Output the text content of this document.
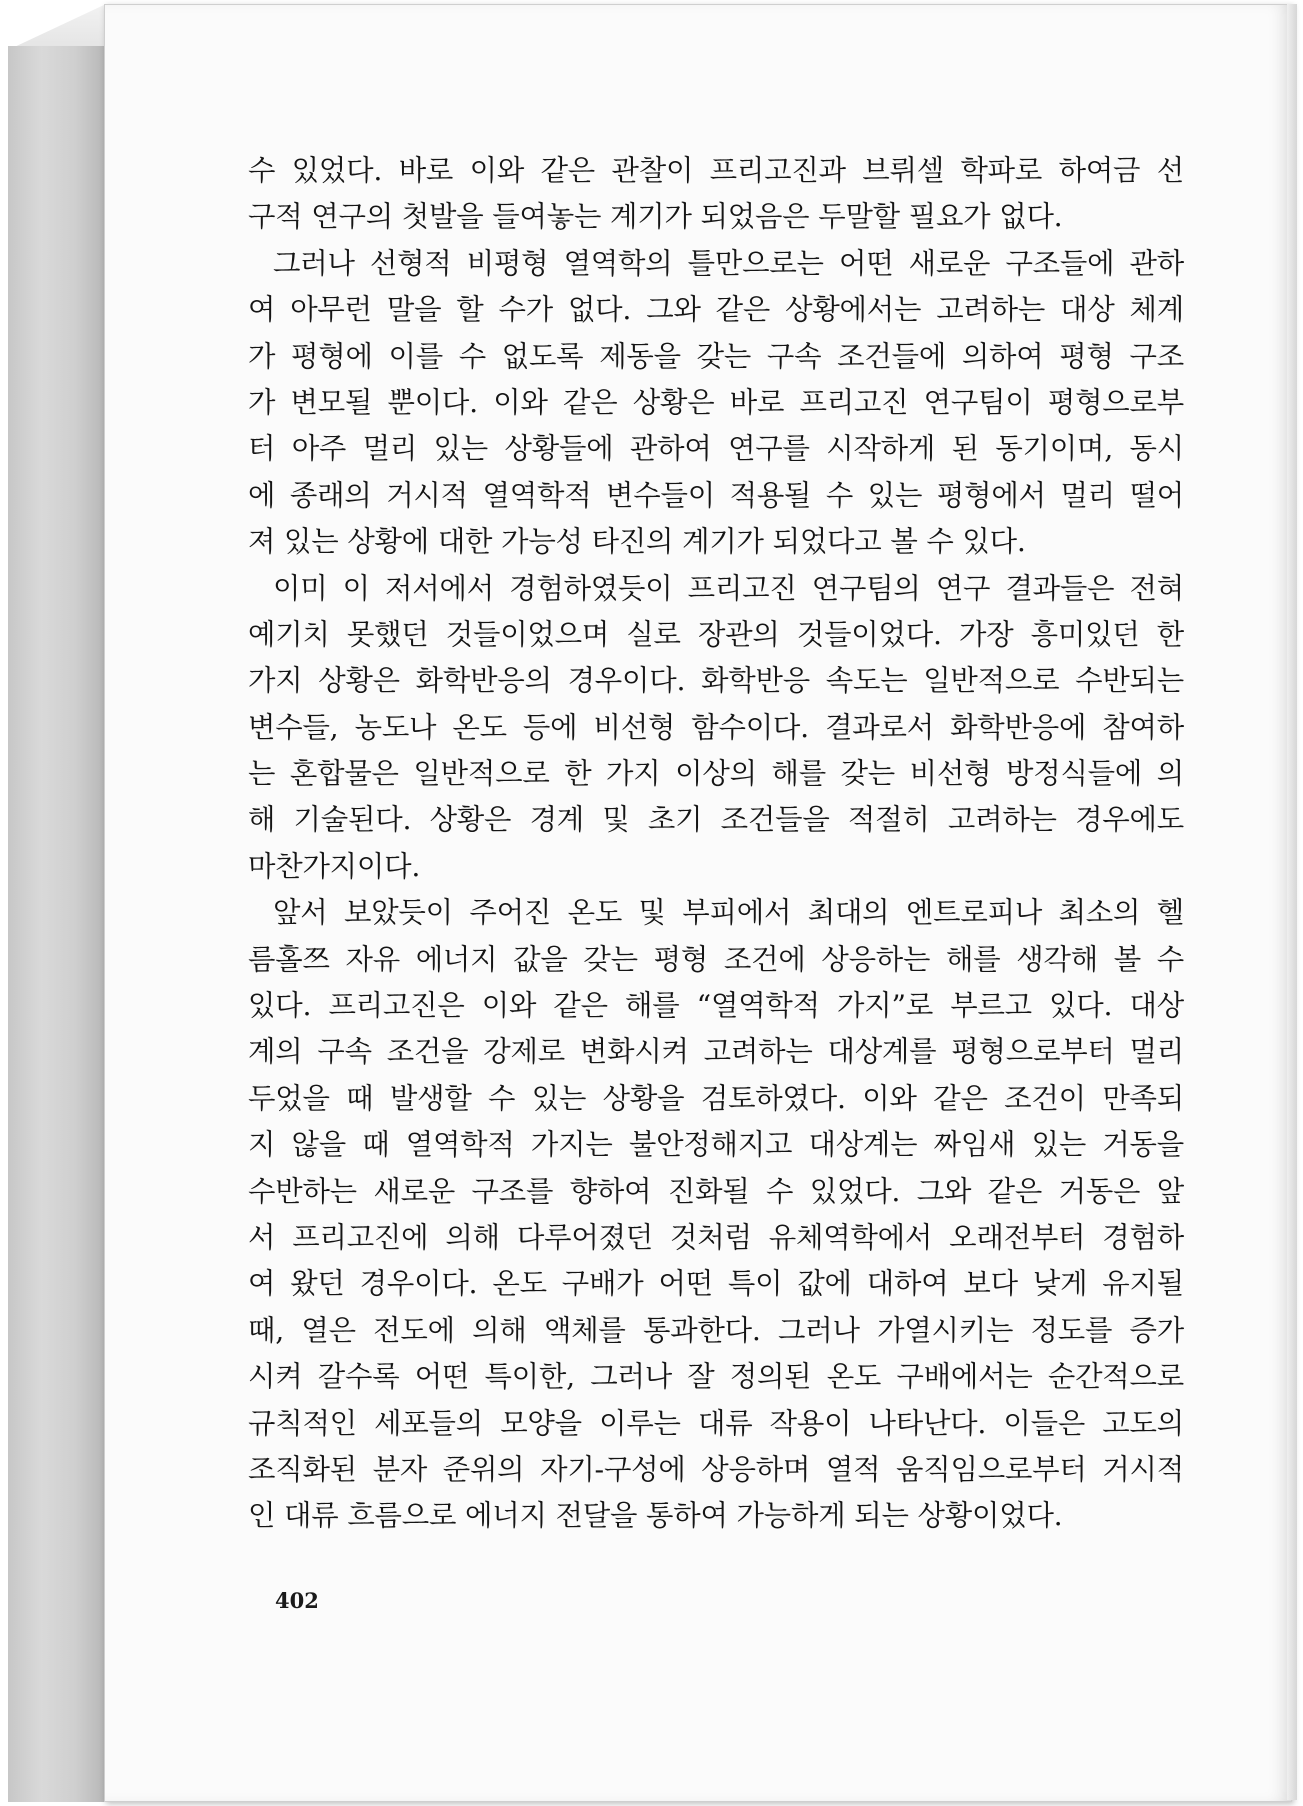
수 있었다. 바로 이와 같은 관찰이 프리고진과 브뤼셀 학파로 하여금 선
구적 연구의 첫발을 들여놓는 계기가 되었음은 두말할 필요가 없다.
그러나 선형적 비평형 열역학의 틀만으로는 어떤 새로운 구조들에 관하
여 아무런 말을 할 수가 없다. 그와 같은 상황에서는 고려하는 대상 체계
가 평형에 이를 수 없도록 제동을 갖는 구속 조건들에 의하여 평형 구조
가 변모될 뿐이다. 이와 같은 상황은 바로 프리고진 연구팀이 평형으로부
터 아주 멀리 있는 상황들에 관하여 연구를 시작하게 된 동기이며, 동시
에 종래의 거시적 열역학적 변수들이 적용될 수 있는 평형에서 멀리 떨어
져 있는 상황에 대한 가능성 타진의 계기가 되었다고 볼 수 있다.
이미 이 저서에서 경험하였듯이 프리고진 연구팀의 연구 결과들은 전혀
예기치 못했던 것들이었으며 실로 장관의 것들이었다. 가장 흥미있던 한
가지 상황은 화학반응의 경우이다. 화학반응 속도는 일반적으로 수반되는
변수들, 농도나 온도 등에 비선형 함수이다. 결과로서 화학반응에 참여하
는 혼합물은 일반적으로 한 가지 이상의 해를 갖는 비선형 방정식들에 의
해 기술된다. 상황은 경계 및 초기 조건들을 적절히 고려하는 경우에도
마찬가지이다.
앞서 보았듯이 주어진 온도 및 부피에서 최대의 엔트로피나 최소의 헬
름홀쯔 자유 에너지 값을 갖는 평형 조건에 상응하는 해를 생각해 볼 수
있다. 프리고진은 이와 같은 해를 “열역학적 가지”로 부르고 있다. 대상
계의 구속 조건을 강제로 변화시켜 고려하는 대상계를 평형으로부터 멀리
두었을 때 발생할 수 있는 상황을 검토하였다. 이와 같은 조건이 만족되
지 않을 때 열역학적 가지는 불안정해지고 대상계는 짜임새 있는 거동을
수반하는 새로운 구조를 향하여 진화될 수 있었다. 그와 같은 거동은 앞
서 프리고진에 의해 다루어졌던 것처럼 유체역학에서 오래전부터 경험하
여 왔던 경우이다. 온도 구배가 어떤 특이 값에 대하여 보다 낮게 유지될
때, 열은 전도에 의해 액체를 통과한다. 그러나 가열시키는 정도를 증가
시켜 갈수록 어떤 특이한, 그러나 잘 정의된 온도 구배에서는 순간적으로
규칙적인 세포들의 모양을 이루는 대류 작용이 나타난다. 이들은 고도의
조직화된 분자 준위의 자기-구성에 상응하며 열적 움직임으로부터 거시적
인 대류 흐름으로 에너지 전달을 통하여 가능하게 되는 상황이었다.
402
